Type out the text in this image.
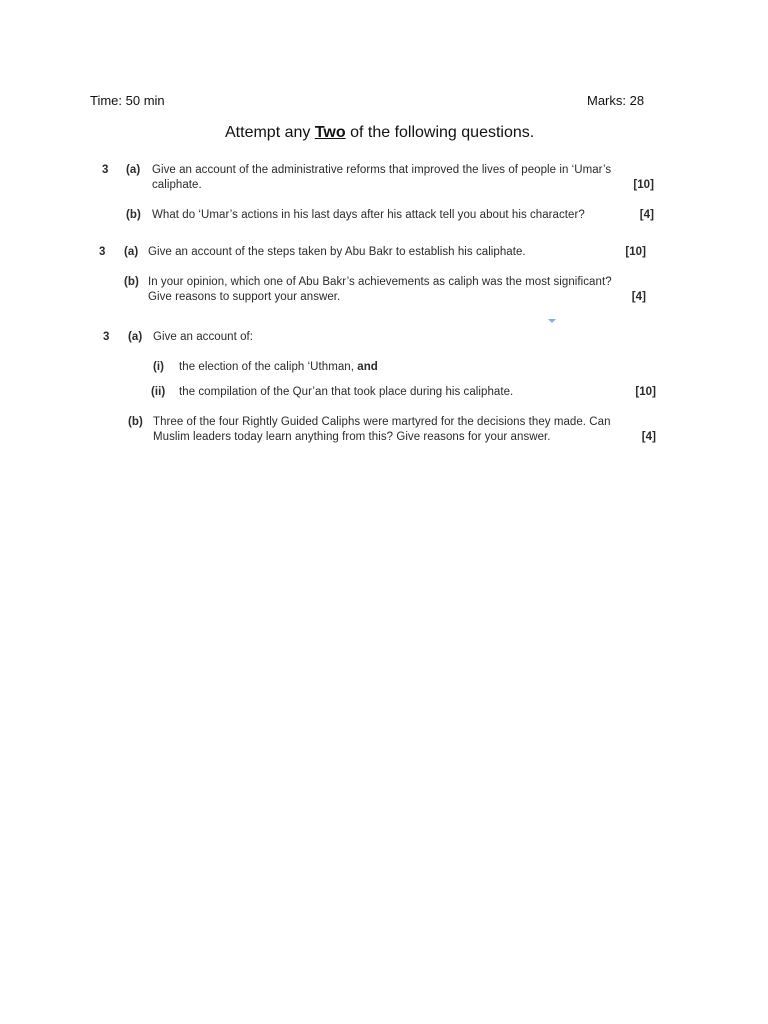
Time: 50 min	Marks: 28
Attempt any Two of the following questions.
3 (a) Give an account of the administrative reforms that improved the lives of people in ‘Umar’s
caliphate.	[10]
(b) What do ‘Umar’s actions in his last days after his attack tell you about his character?	[4]
3 (a) Give an account of the steps taken by Abu Bakr to establish his caliphate.	[10]
(b) In your opinion, which one of Abu Bakr’s achievements as caliph was the most significant?
Give reasons to support your answer.	[4]
3 (a) Give an account of:
(i) the election of the caliph ‘Uthman, and
(ii) the compilation of the Qur’an that took place during his caliphate.	[10]
(b) Three of the four Rightly Guided Caliphs were martyred for the decisions they made. Can
Muslim leaders today learn anything from this? Give reasons for your answer.	[4]
